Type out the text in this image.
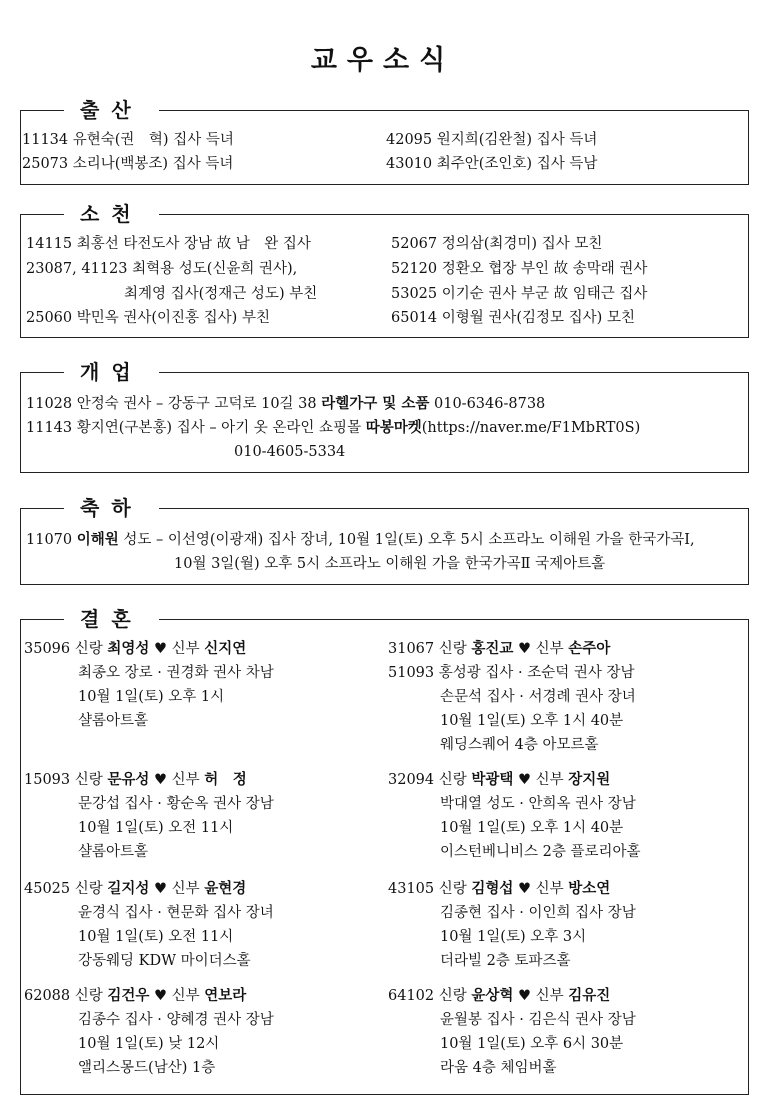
교우소식
출산
11134 유현숙(권　혁) 집사 득녀
25073 소리나(백봉조) 집사 득녀
42095 원지희(김완철) 집사 득녀
43010 최주안(조인호) 집사 득남
소천
14115 최홍선 타전도사 장남 故 남　완 집사
23087, 41123 최혁용 성도(신윤희 권사),
최계영 집사(정재근 성도) 부친
25060 박민옥 권사(이진홍 집사) 부친
52067 정의삼(최경미) 집사 모친
52120 정환오 협장 부인 故 송막래 권사
53025 이기순 권사 부군 故 임태근 집사
65014 이형월 권사(김정모 집사) 모친
개업
11028 안정숙 권사 – 강동구 고덕로 10길 38 라헬가구 및 소품 010-6346-8738
11143 황지연(구본홍) 집사 – 아기 옷 온라인 쇼핑몰 따봉마켓(https://naver.me/F1MbRT0S)
010-4605-5334
축하
11070 이해원 성도 – 이선영(이광재) 집사 장녀, 10월 1일(토) 오후 5시 소프라노 이해원 가을 한국가곡Ⅰ,
10월 3일(월) 오후 5시 소프라노 이해원 가을 한국가곡Ⅱ 국제아트홀
결혼
35096 신랑 최영성 ♥ 신부 신지연
최종오 장로 · 권경화 권사 차남
10월 1일(토) 오후 1시
샬롬아트홀
15093 신랑 문유성 ♥ 신부 허　정
문강섭 집사 · 황순옥 권사 장남
10월 1일(토) 오전 11시
샬롬아트홀
45025 신랑 길지성 ♥ 신부 윤현경
윤경식 집사 · 현문화 집사 장녀
10월 1일(토) 오전 11시
강동웨딩 KDW 마이더스홀
62088 신랑 김건우 ♥ 신부 연보라
김종수 집사 · 양혜경 권사 장남
10월 1일(토) 낮 12시
앨리스몽드(남산) 1층
31067 신랑 홍진교 ♥ 신부 손주아
51093 홍성광 집사 · 조순덕 권사 장남
손문석 집사 · 서경례 권사 장녀
10월 1일(토) 오후 1시 40분
웨딩스퀘어 4층 아모르홀
32094 신랑 박광택 ♥ 신부 장지원
박대열 성도 · 안희옥 권사 장남
10월 1일(토) 오후 1시 40분
이스턴베니비스 2층 플로리아홀
43105 신랑 김형섭 ♥ 신부 방소연
김종현 집사 · 이인희 집사 장남
10월 1일(토) 오후 3시
더라빌 2층 토파즈홀
64102 신랑 윤상혁 ♥ 신부 김유진
윤월봉 집사 · 김은식 권사 장남
10월 1일(토) 오후 6시 30분
라움 4층 체임버홀
